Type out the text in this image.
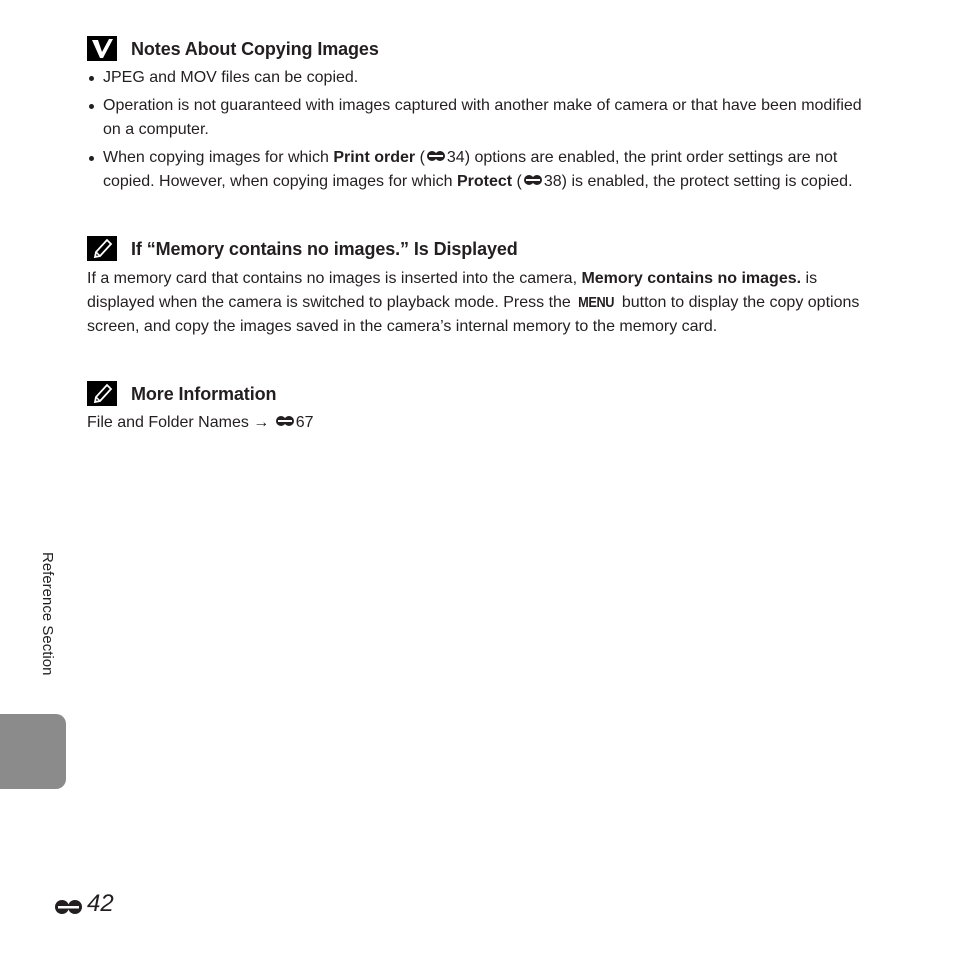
Notes About Copying Images
JPEG and MOV files can be copied.
Operation is not guaranteed with images captured with another make of camera or that have been modified on a computer.
When copying images for which Print order ( 34) options are enabled, the print order settings are not copied. However, when copying images for which Protect ( 38) is enabled, the protect setting is copied.
If “Memory contains no images.” Is Displayed

If a memory card that contains no images is inserted into the camera, Memory contains no images. is displayed when the camera is switched to playback mode. Press the MENU button to display the copy options screen, and copy the images saved in the camera’s internal memory to the memory card.

More Information

File and Folder Names → 67

Reference Section
42
